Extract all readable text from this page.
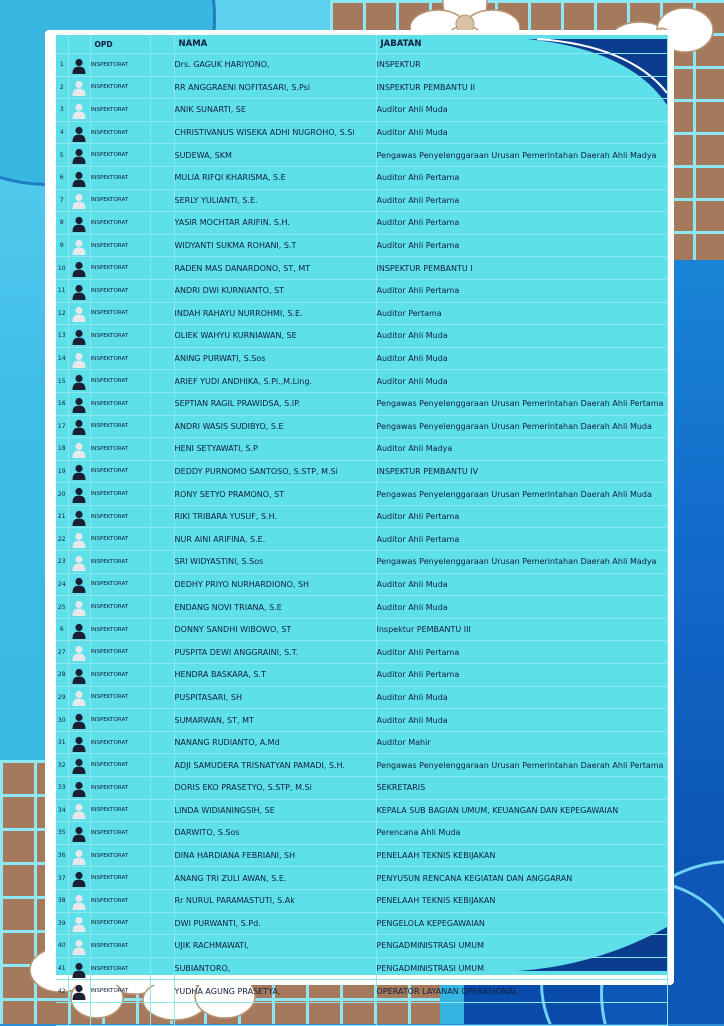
		OPD		NAMA	JABATAN
1		INSPEKTORAT		Drs. GAGUK HARIYONO,	INSPEKTUR
2		INSPEKTORAT		RR ANGGRAENI NOFITASARI, S.Psi	INSPEKTUR PEMBANTU II
3		INSPEKTORAT		ANIK SUNARTI, SE	Auditor Ahli Muda
4		INSPEKTORAT		CHRISTIVANUS WISEKA ADHI NUGROHO, S.Si	Auditor Ahli Muda
5		INSPEKTORAT		SUDEWA, SKM	Pengawas Penyelenggaraan Urusan Pemerintahan Daerah Ahli Madya
6		INSPEKTORAT		MULIA RIFQI KHARISMA, S.E	Auditor Ahli Pertama
7		INSPEKTORAT		SERLY YULIANTI, S.E.	Auditor Ahli Pertama
8		INSPEKTORAT		YASIR MOCHTAR ARIFIN, S.H.	Auditor Ahli Pertama
9		INSPEKTORAT		WIDYANTI SUKMA ROHANI, S.T	Auditor Ahli Pertama
10		INSPEKTORAT		RADEN MAS DANARDONO, ST, MT	INSPEKTUR PEMBANTU I
11		INSPEKTORAT		ANDRI DWI KURNIANTO, ST	Auditor Ahli Pertama
12		INSPEKTORAT		INDAH RAHAYU NURROHMI, S.E.	Auditor Pertama
13		INSPEKTORAT		OLIEK WAHYU KURNIAWAN, SE	Auditor Ahli Muda
14		INSPEKTORAT		ANING PURWATI, S.Sos	Auditor Ahli Muda
15		INSPEKTORAT		ARIEF YUDI ANDHIKA, S.Pi.,M.Ling.	Auditor Ahli Muda
16		INSPEKTORAT		SEPTIAN RAGIL PRAWIDSA, S.IP.	Pengawas Penyelenggaraan Urusan Pemerintahan Daerah Ahli Pertama
17		INSPEKTORAT		ANDRI WASIS SUDIBYO, S.E	Pengawas Penyelenggaraan Urusan Pemerintahan Daerah Ahli Muda
18		INSPEKTORAT		HENI SETYAWATI, S.P	Auditor Ahli Madya
19		INSPEKTORAT		DEDDY PURNOMO SANTOSO, S.STP, M.Si	INSPEKTUR PEMBANTU IV
20		INSPEKTORAT		RONY SETYO PRAMONO, ST	Pengawas Penyelenggaraan Urusan Pemerintahan Daerah Ahli Muda
21		INSPEKTORAT		RIKI TRIBARA YUSUF, S.H.	Auditor Ahli Pertama
22		INSPEKTORAT		NUR AINI ARIFINA, S.E.	Auditor Ahli Pertama
23		INSPEKTORAT		SRI WIDYASTINI, S.Sos	Pengawas Penyelenggaraan Urusan Pemerintahan Daerah Ahli Madya
24		INSPEKTORAT		DEDHY PRIYO NURHARDIONO, SH	Auditor Ahli Muda
25		INSPEKTORAT		ENDANG NOVI TRIANA, S.E	Auditor Ahli Muda
6		INSPEKTORAT		DONNY SANDHI WIBOWO, ST	Inspektur PEMBANTU III
27		INSPEKTORAT		PUSPITA DEWI ANGGRAINI, S.T.	Auditor Ahli Pertama
28		INSPEKTORAT		HENDRA BASKARA, S.T	Auditor Ahli Pertama
29		INSPEKTORAT		PUSPITASARI, SH	Auditor Ahli Muda
30		INSPEKTORAT		SUMARWAN, ST, MT	Auditor Ahli Muda
31		INSPEKTORAT		NANANG RUDIANTO, A.Md	Auditor Mahir
32		INSPEKTORAT		ADJI SAMUDERA TRISNATYAN PAMADI, S.H.	Pengawas Penyelenggaraan Urusan Pemerintahan Daerah Ahli Pertama
33		INSPEKTORAT		DORIS EKO PRASETYO, S.STP, M.Si	SEKRETARIS
34		INSPEKTORAT		LINDA WIDIANINGSIH, SE	KEPALA SUB BAGIAN UMUM, KEUANGAN DAN KEPEGAWAIAN
35		INSPEKTORAT		DARWITO, S.Sos	Perencana Ahli Muda
36		INSPEKTORAT		DINA HARDIANA FEBRIANI, SH	PENELAAH TEKNIS KEBIJAKAN
37		INSPEKTORAT		ANANG TRI ZULI AWAN, S.E.	PENYUSUN RENCANA KEGIATAN DAN ANGGARAN
38		INSPEKTORAT		Rr NURUL PARAMASTUTI, S.Ak	PENELAAH TEKNIS KEBIJAKAN
39		INSPEKTORAT		DWI PURWANTI, S.Pd.	PENGELOLA KEPEGAWAIAN
40		INSPEKTORAT		UJIK RACHMAWATI,	PENGADMINISTRASI UMUM
41		INSPEKTORAT		SUBIANTORO,	PENGADMINISTRASI UMUM
42		INSPEKTORAT		YUDHA AGUNG PRASETYA,	OPERATOR LAYANAN OPERASIONAL
